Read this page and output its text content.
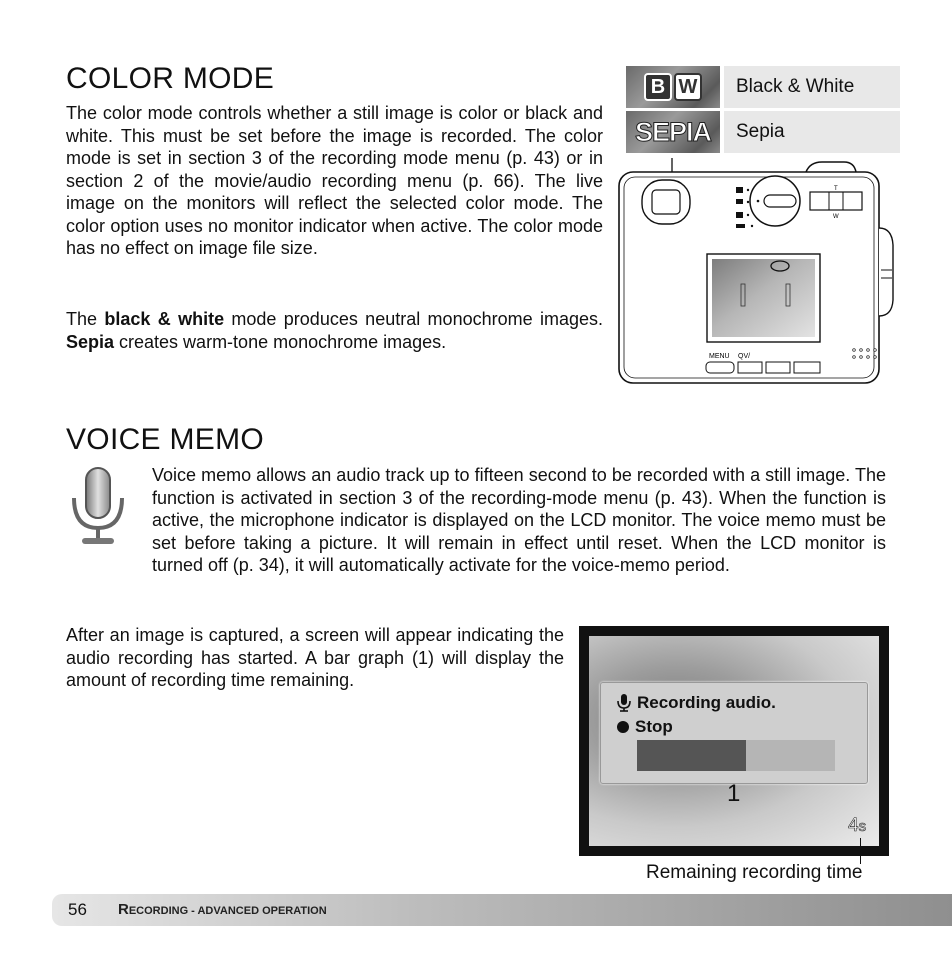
COLOR MODE

The color mode controls whether a still image is color or black and white. This must be set before the image is recorded. The color mode is set in section 3 of the recording mode menu (p. 43) or in section 2 of the movie/audio recording menu (p. 66). The live image on the monitors will reflect the selected color mode. The color option uses no monitor indicator when active. The color mode has no effect on image file size.

The black & white mode produces neutral monochrome images. Sepia creates warm-tone monochrome images.

B W	Black & White
SEPIA	Sepia
T
W
MENU QV/
VOICE MEMO

Voice memo allows an audio track up to fifteen second to be recorded with a still image. The function is activated in section 3 of the recording-mode menu (p. 43). When the function is active, the microphone indicator is displayed on the LCD monitor. The voice memo must be set before taking a picture. It will remain in effect until reset. When the LCD monitor is turned off (p. 34), it will automatically activate for the voice-memo period.

After an image is captured, a screen will appear indicating the audio recording has started. A bar graph (1) will display the amount of recording time remaining.

Recording audio.
Stop
1
4s
Remaining recording time
56 RECORDING - ADVANCED OPERATION
